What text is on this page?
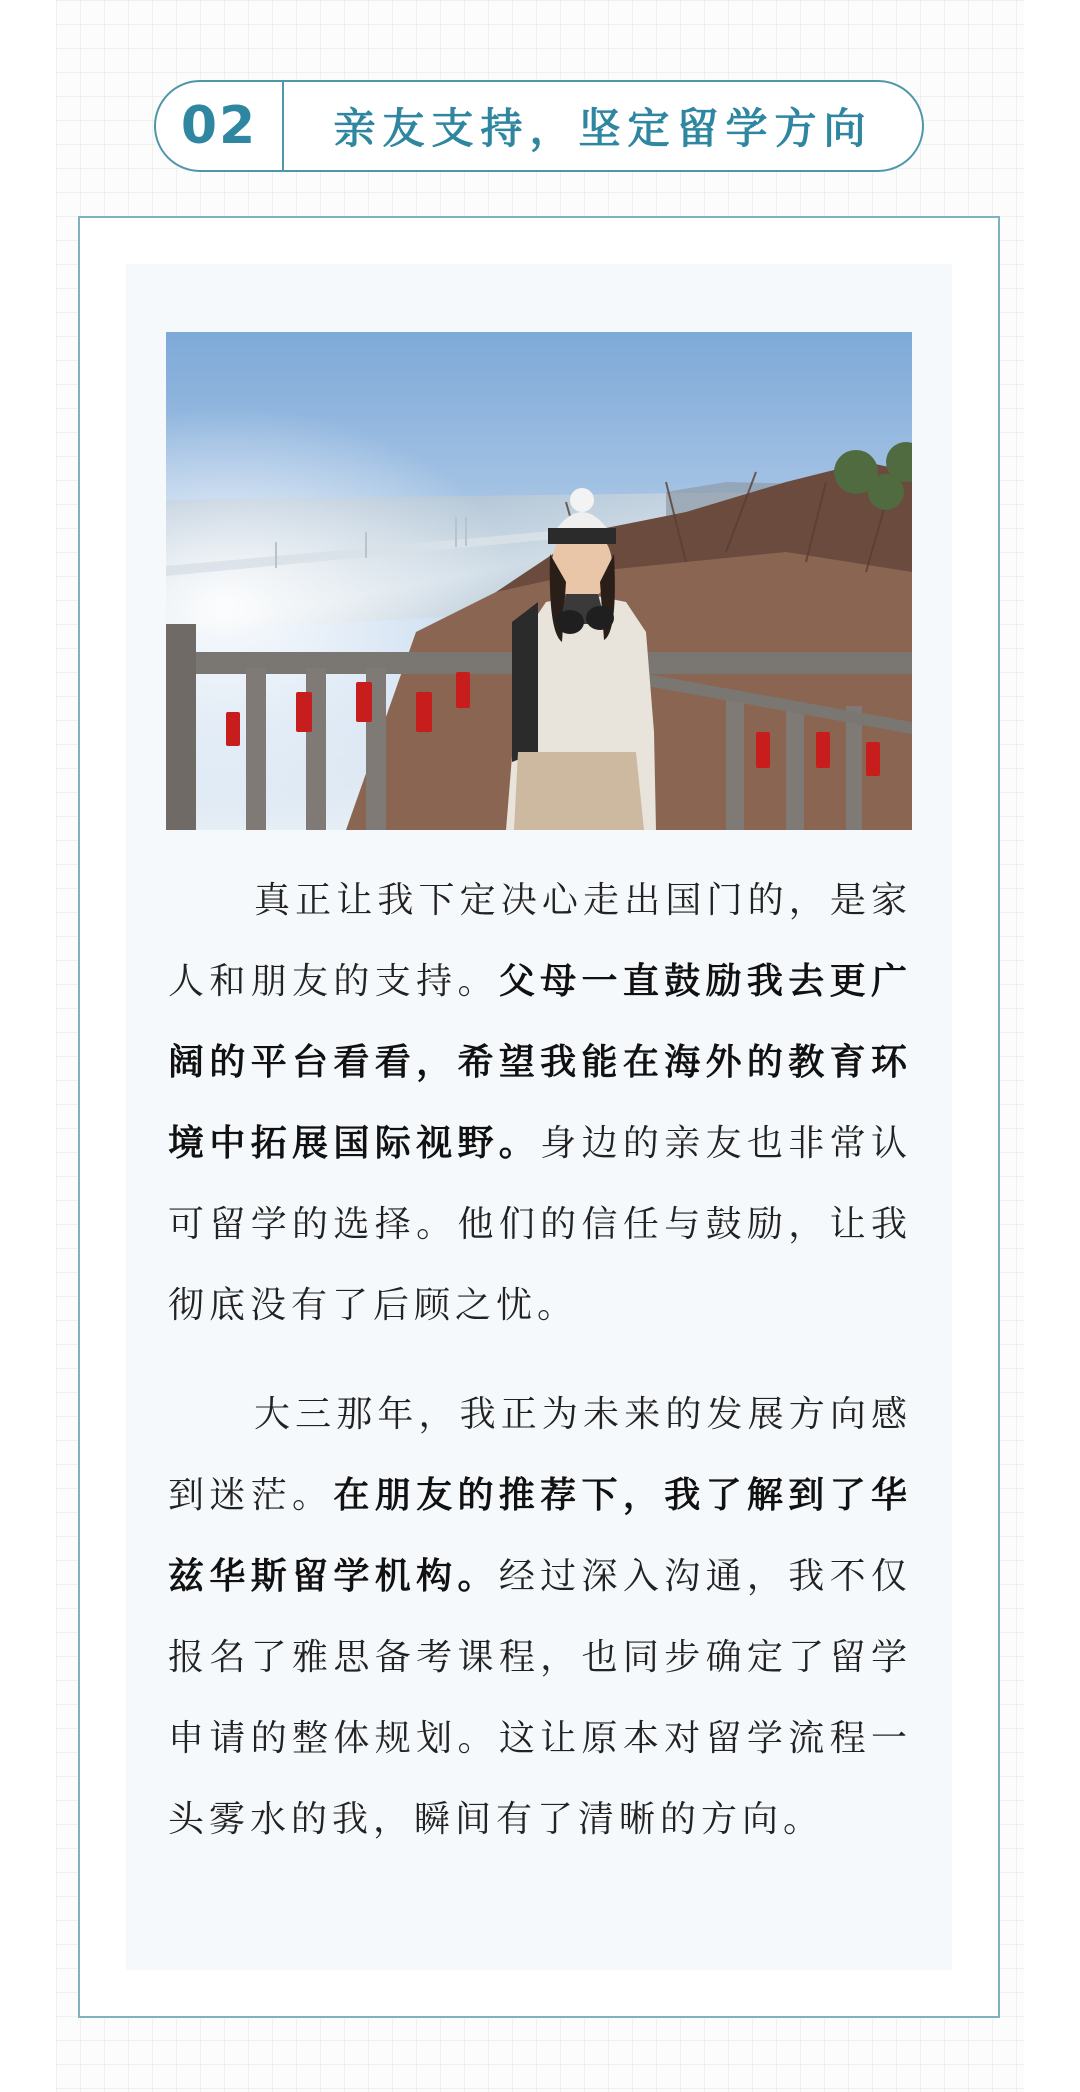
02	亲友支持，坚定留学方向

真正让我下定决心走出国门的，是家人和朋友的支持。父母一直鼓励我去更广阔的平台看看，希望我能在海外的教育环境中拓展国际视野。身边的亲友也非常认可留学的选择。他们的信任与鼓励，让我彻底没有了后顾之忧。

大三那年，我正为未来的发展方向感到迷茫。在朋友的推荐下，我了解到了华兹华斯留学机构。经过深入沟通，我不仅报名了雅思备考课程，也同步确定了留学申请的整体规划。这让原本对留学流程一头雾水的我，瞬间有了清晰的方向。
